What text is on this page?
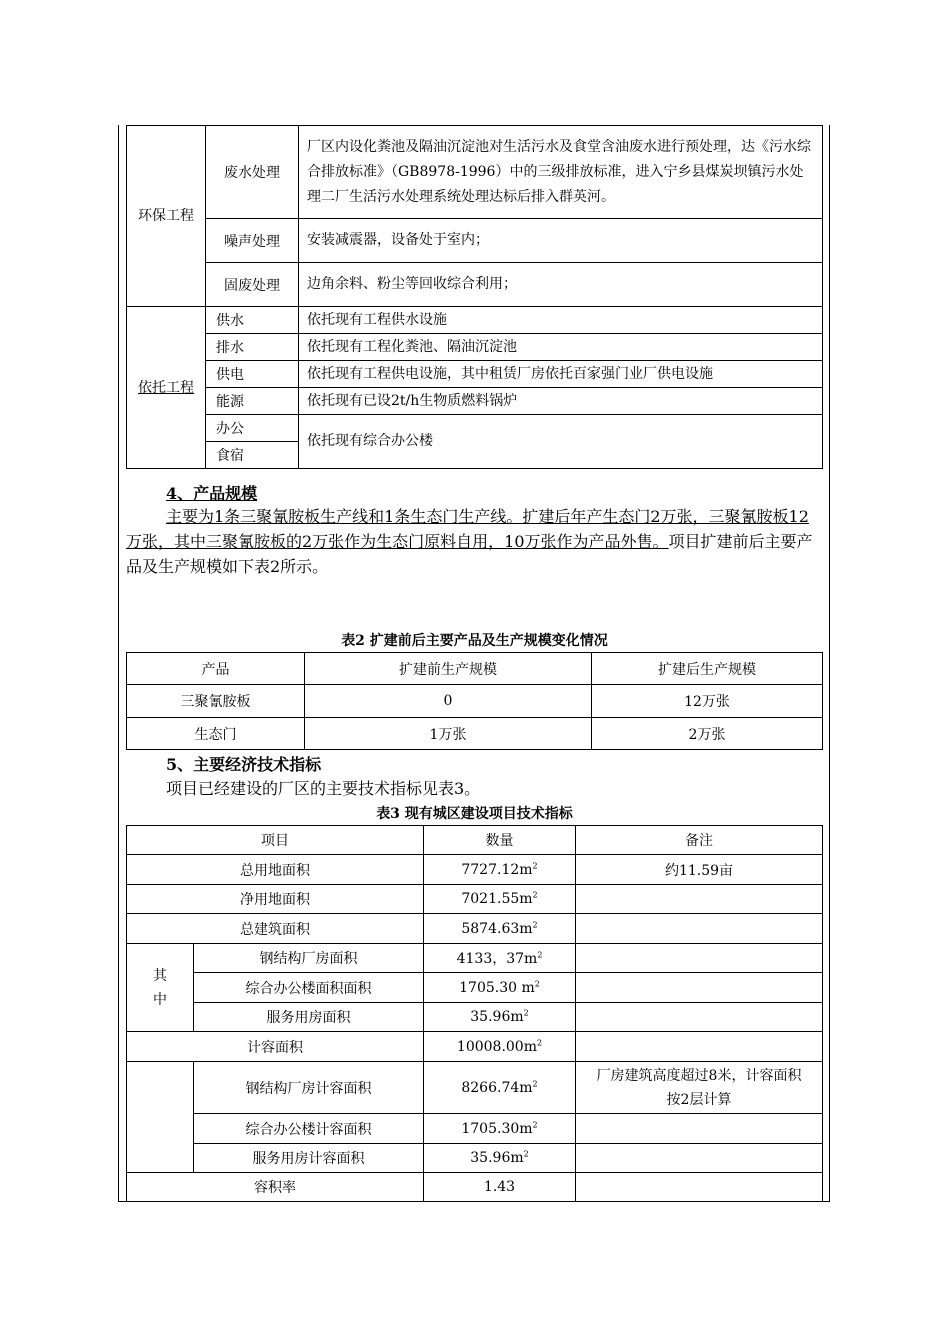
环保工程	废水处理	厂区内设化粪池及隔油沉淀池对生活污水及食堂含油废水进行预处理，达《污水综合排放标准》（GB8978-1996）中的三级排放标准，进入宁乡县煤炭坝镇污水处理二厂生活污水处理系统处理达标后排入群英河。
	噪声处理	安装减震器，设备处于室内；
	固废处理	边角余料、粉尘等回收综合利用；
依托工程	供水	依托现有工程供水设施
	排水	依托现有工程化粪池、隔油沉淀池
	供电	依托现有工程供电设施，其中租赁厂房依托百家强门业厂供电设施
	能源	依托现有已设2t/h生物质燃料锅炉
	办公	依托现有综合办公楼
	食宿	
4、产品规模
主要为1条三聚氰胺板生产线和1条生态门生产线。扩建后年产生态门2万张，三聚氰胺板12万张，其中三聚氰胺板的2万张作为生态门原料自用，10万张作为产品外售。项目扩建前后主要产品及生产规模如下表2所示。
表2 扩建前后主要产品及生产规模变化情况
产品	扩建前生产规模	扩建后生产规模
三聚氰胺板	0	12万张
生态门	1万张	2万张
5、主要经济技术指标
项目已经建设的厂区的主要技术指标见表3。
表3 现有城区建设项目技术指标
项目		数量	备注
总用地面积		$7727.12m^2$	约11.59亩
净用地面积		$7021.55m^2$	
总建筑面积		$5874.63m^2$	
其中	钢结构厂房面积	4133，$37m^2$	
	综合办公楼面积面积	1705.30 $m^2$	
	服务用房面积	$35.96m^2$	
计容面积		$10008.00m^2$	
	钢结构厂房计容面积	$8266.74m^2$	厂房建筑高度超过8米，计容面积按2层计算
	综合办公楼计容面积	$1705.30m^2$	
	服务用房计容面积	$35.96m^2$	
容积率		1.43	
